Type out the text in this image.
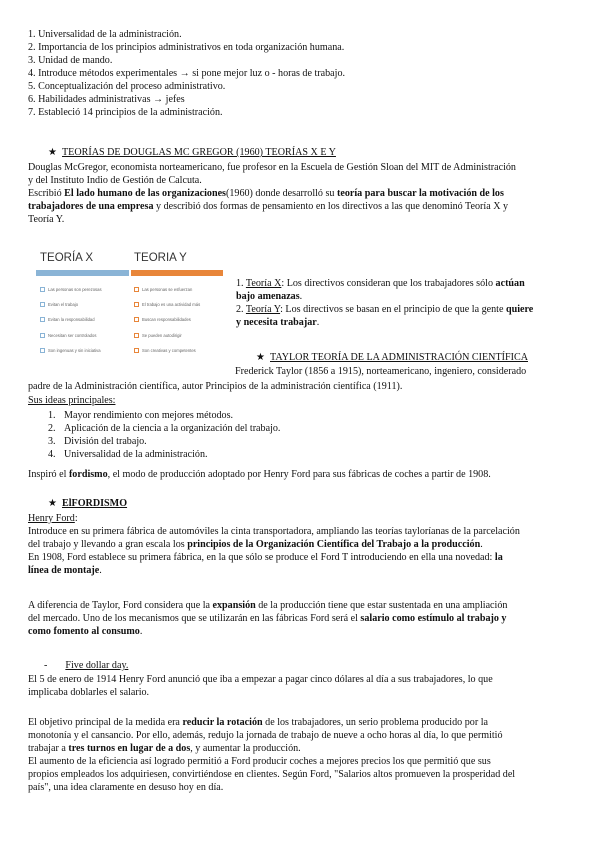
1. Universalidad de la administración.

2. Importancia de los principios administrativos en toda organización humana.

3. Unidad de mando.

4. Introduce métodos experimentales → si pone mejor luz o - horas de trabajo.

5. Conceptualización del proceso administrativo.

6. Habilidades administrativas → jefes

7. Estableció 14 principios de la administración.

★ TEORÍAS DE DOUGLAS MC GREGOR (1960) TEORÍAS X E Y

Douglas McGregor, economista norteamericano, fue profesor en la Escuela de Gestión Sloan del MIT de Administración

y del Instituto Indio de Gestión de Calcuta.

Escribió El lado humano de las organizaciones(1960) donde desarrolló su teoría para buscar la motivación de los

trabajadores de una empresa y describió dos formas de pensamiento en los directivos a las que denominó Teoría X y

Teoría Y.

TEORÍA X	TEORIA Y
Las personas son perezosas
Evitan el trabajo
Evitan la responsabilidad
Necesitan ser controlados
Son ingenuas y sin iniciativa
Las personas se esfuerzan
El trabajo es una actividad más
Buscan responsabilidades
Se pueden autodirigir
Son creativas y competentes

1. Teoría X: Los directivos consideran que los trabajadores sólo actúan

bajo amenazas.

2. Teoría Y: Los directivos se basan en el principio de que la gente quiere

y necesita trabajar.

★ TAYLOR TEORÍA DE LA ADMINISTRACIÓN CIENTÍFICA

Frederick Taylor (1856 a 1915), norteamericano, ingeniero, considerado

padre de la Administración científica, autor Principios de la administración científica (1911).

Sus ideas principales:

1. Mayor rendimiento con mejores métodos.
2. Aplicación de la ciencia a la organización del trabajo.
3. División del trabajo.
4. Universalidad de la administración.

Inspiró el fordismo, el modo de producción adoptado por Henry Ford para sus fábricas de coches a partir de 1908.

★ ElFORDISMO

Henry Ford:

Introduce en su primera fábrica de automóviles la cinta transportadora, ampliando las teorías tayloríanas de la parcelación

del trabajo y llevando a gran escala los principios de la Organización Científica del Trabajo a la producción.

En 1908, Ford establece su primera fábrica, en la que sólo se produce el Ford T introduciendo en ella una novedad: la

línea de montaje.

A diferencia de Taylor, Ford considera que la expansión de la producción tiene que estar sustentada en una ampliación

del mercado. Uno de los mecanismos que se utilizarán en las fábricas Ford será el salario como estímulo al trabajo y

como fomento al consumo.

- Five dollar day.

El 5 de enero de 1914 Henry Ford anunció que iba a empezar a pagar cinco dólares al día a sus trabajadores, lo que

implicaba doblarles el salario.

El objetivo principal de la medida era reducir la rotación de los trabajadores, un serio problema producido por la

monotonía y el cansancio. Por ello, además, redujo la jornada de trabajo de nueve a ocho horas al día, lo que permitió

trabajar a tres turnos en lugar de a dos, y aumentar la producción.

El aumento de la eficiencia así logrado permitió a Ford producir coches a mejores precios los que permitió que sus

propios empleados los adquiriesen, convirtiéndose en clientes. Según Ford, "Salarios altos promueven la prosperidad del

país", una idea claramente en desuso hoy en día.
